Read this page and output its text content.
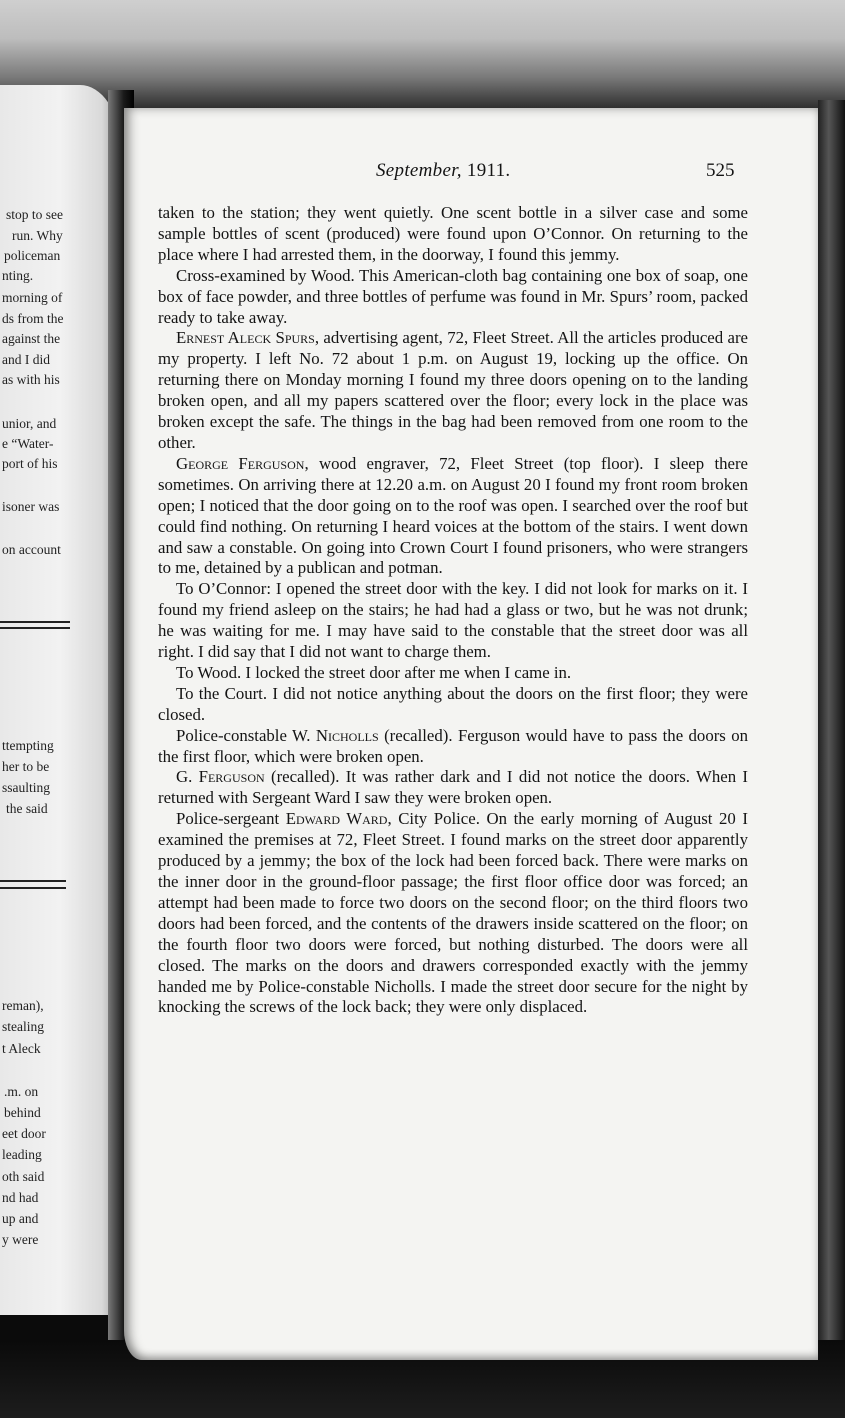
stop to see
run. Why
policeman
nting.
morning of
ds from the
against the
and I did
as with his
unior, and
e “Water-
port of his
isoner was
on account
ttempting
her to be
ssaulting
the said
reman),
stealing
t Aleck
.m. on
behind
eet door
leading
oth said
nd had
up and
y were
September, 1911.	525

taken to the station; they went quietly. One scent bottle in a silver case and some sample bottles of scent (produced) were found upon O’Connor. On returning to the place where I had arrested them, in the doorway, I found this jemmy.

Cross-examined by Wood. This American-cloth bag containing one box of soap, one box of face powder, and three bottles of perfume was found in Mr. Spurs’ room, packed ready to take away.

Ernest Aleck Spurs, advertising agent, 72, Fleet Street. All the articles produced are my property. I left No. 72 about 1 p.m. on August 19, locking up the office. On returning there on Monday morning I found my three doors opening on to the landing broken open, and all my papers scattered over the floor; every lock in the place was broken except the safe. The things in the bag had been removed from one room to the other.

George Ferguson, wood engraver, 72, Fleet Street (top floor). I sleep there sometimes. On arriving there at 12.20 a.m. on August 20 I found my front room broken open; I noticed that the door going on to the roof was open. I searched over the roof but could find nothing. On returning I heard voices at the bottom of the stairs. I went down and saw a constable. On going into Crown Court I found prisoners, who were strangers to me, detained by a publican and potman.

To O’Connor: I opened the street door with the key. I did not look for marks on it. I found my friend asleep on the stairs; he had had a glass or two, but he was not drunk; he was waiting for me. I may have said to the constable that the street door was all right. I did say that I did not want to charge them.

To Wood. I locked the street door after me when I came in.

To the Court. I did not notice anything about the doors on the first floor; they were closed.

Police-constable W. Nicholls (recalled). Ferguson would have to pass the doors on the first floor, which were broken open.

G. Ferguson (recalled). It was rather dark and I did not notice the doors. When I returned with Sergeant Ward I saw they were broken open.

Police-sergeant Edward Ward, City Police. On the early morning of August 20 I examined the premises at 72, Fleet Street. I found marks on the street door apparently produced by a jemmy; the box of the lock had been forced back. There were marks on the inner door in the ground-floor passage; the first floor office door was forced; an attempt had been made to force two doors on the second floor; on the third floors two doors had been forced, and the contents of the drawers inside scattered on the floor; on the fourth floor two doors were forced, but nothing disturbed. The doors were all closed. The marks on the doors and drawers corresponded exactly with the jemmy handed me by Police-constable Nicholls. I made the street door secure for the night by knocking the screws of the lock back; they were only displaced.
